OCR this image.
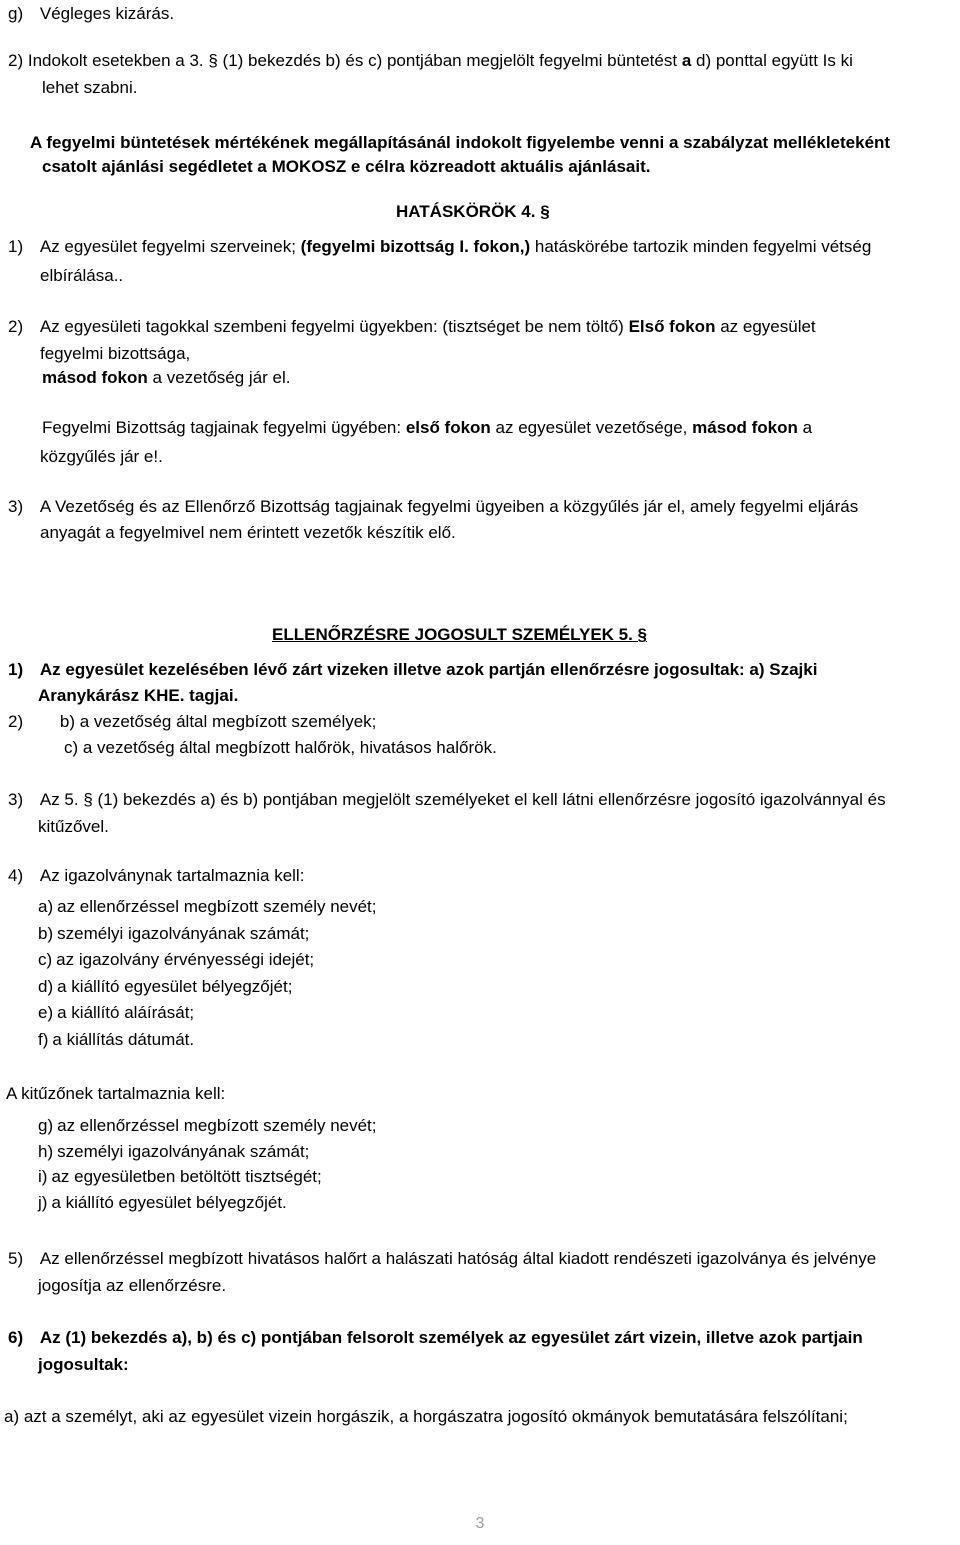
g) Végleges kizárás.
2) Indokolt esetekben a 3. § (1) bekezdés b) és c) pontjában megjelölt fegyelmi büntetést a d) ponttal együtt Is ki
lehet szabni.
A fegyelmi büntetések mértékének megállapításánál indokolt figyelembe venni a szabályzat mellékleteként
csatolt ajánlási segédletet a MOKOSZ e célra közreadott aktuális ajánlásait.
HATÁSKÖRÖK 4. §
1) Az egyesület fegyelmi szerveinek; (fegyelmi bizottság I. fokon,) hatáskörébe tartozik minden fegyelmi vétség
elbírálása..
2) Az egyesületi tagokkal szembeni fegyelmi ügyekben: (tisztséget be nem töltő) Első fokon az egyesület
fegyelmi bizottsága,
másod fokon a vezetőség jár el.
Fegyelmi Bizottság tagjainak fegyelmi ügyében: első fokon az egyesület vezetősége, másod fokon a
közgyűlés jár e!.
3) A Vezetőség és az Ellenőrző Bizottság tagjainak fegyelmi ügyeiben a közgyűlés jár el, amely fegyelmi eljárás
anyagát a fegyelmivel nem érintett vezetők készítik elő.
ELLENŐRZÉSRE JOGOSULT SZEMÉLYEK 5. §
1) Az egyesület kezelésében lévő zárt vizeken illetve azok partján ellenőrzésre jogosultak: a) Szajki
Aranykárász KHE. tagjai.
2) b) a vezetőség által megbízott személyek;
c) a vezetőség által megbízott halőrök, hivatásos halőrök.
3) Az 5. § (1) bekezdés a) és b) pontjában megjelölt személyeket el kell látni ellenőrzésre jogosító igazolvánnyal és
kitűzővel.
4) Az igazolványnak tartalmaznia kell:
a) az ellenőrzéssel megbízott személy nevét;
b) személyi igazolványának számát;
c) az igazolvány érvényességi idejét;
d) a kiállító egyesület bélyegzőjét;
e) a kiállító aláírását;
f) a kiállítás dátumát.
A kitűzőnek tartalmaznia kell:
g) az ellenőrzéssel megbízott személy nevét;
h) személyi igazolványának számát;
i) az egyesületben betöltött tisztségét;
j) a kiállító egyesület bélyegzőjét.
5) Az ellenőrzéssel megbízott hivatásos halőrt a halászati hatóság által kiadott rendészeti igazolványa és jelvénye
jogosítja az ellenőrzésre.
6) Az (1) bekezdés a), b) és c) pontjában felsorolt személyek az egyesület zárt vizein, illetve azok partjain
jogosultak:
a) azt a személyt, aki az egyesület vizein horgászik, a horgászatra jogosító okmányok bemutatására felszólítani;
3
